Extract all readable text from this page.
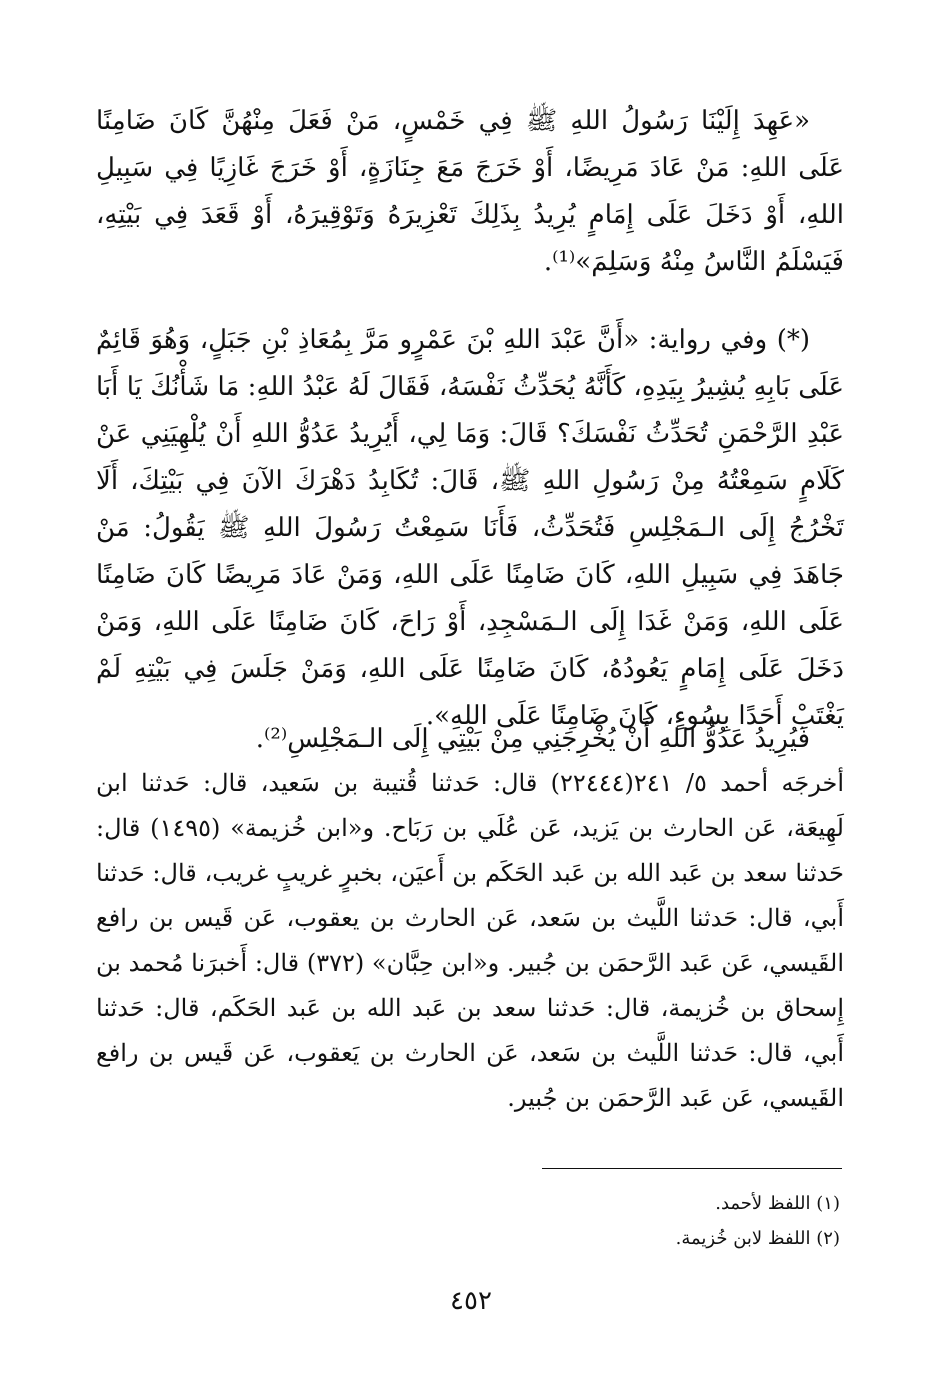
«عَهِدَ إِلَيْنَا رَسُولُ اللهِ ﷺ فِي خَمْسٍ، مَنْ فَعَلَ مِنْهُنَّ كَانَ ضَامِنًا عَلَى اللهِ: مَنْ عَادَ مَرِيضًا، أَوْ خَرَجَ مَعَ جِنَازَةٍ، أَوْ خَرَجَ غَازِيًا فِي سَبِيلِ اللهِ، أَوْ دَخَلَ عَلَى إِمَامٍ يُرِيدُ بِذَلِكَ تَعْزِيرَهُ وَتَوْقِيرَهُ، أَوْ قَعَدَ فِي بَيْتِهِ، فَيَسْلَمُ النَّاسُ مِنْهُ وَسَلِمَ»⁽¹⁾.

(*) وفي رواية: «أَنَّ عَبْدَ اللهِ بْنَ عَمْرٍو مَرَّ بِمُعَاذِ بْنِ جَبَلٍ، وَهُوَ قَائِمٌ عَلَى بَابِهِ يُشِيرُ بِيَدِهِ، كَأَنَّهُ يُحَدِّثُ نَفْسَهُ، فَقَالَ لَهُ عَبْدُ اللهِ: مَا شَأْنُكَ يَا أَبَا عَبْدِ الرَّحْمَنِ تُحَدِّثُ نَفْسَكَ؟ قَالَ: وَمَا لِي، أَيُرِيدُ عَدُوُّ اللهِ أَنْ يُلْهِيَنِي عَنْ كَلَامٍ سَمِعْتُهُ مِنْ رَسُولِ اللهِ ﷺ، قَالَ: تُكَابِدُ دَهْرَكَ الآنَ فِي بَيْتِكَ، أَلَا تَخْرُجُ إِلَى الـمَجْلِسِ فَتُحَدِّثُ، فَأَنَا سَمِعْتُ رَسُولَ اللهِ ﷺ يَقُولُ: مَنْ جَاهَدَ فِي سَبِيلِ اللهِ، كَانَ ضَامِنًا عَلَى اللهِ، وَمَنْ عَادَ مَرِيضًا كَانَ ضَامِنًا عَلَى اللهِ، وَمَنْ غَدَا إِلَى الـمَسْجِدِ، أَوْ رَاحَ، كَانَ ضَامِنًا عَلَى اللهِ، وَمَنْ دَخَلَ عَلَى إِمَامٍ يَعُودُهُ، كَانَ ضَامِنًا عَلَى اللهِ، وَمَنْ جَلَسَ فِي بَيْتِهِ لَمْ يَغْتَبْ أَحَدًا بِسُوءٍ، كَانَ ضَامِنًا عَلَى اللهِ».

فَيُرِيدُ عَدُوُّ اللهِ أَنْ يُخْرِجَنِي مِنْ بَيْتِي إِلَى الـمَجْلِسِ⁽²⁾.

أخرجَه أحمد ٥/ ٢٤١(٢٢٤٤٤) قال: حَدثنا قُتيبة بن سَعيد، قال: حَدثنا ابن لَهِيعَة، عَن الحارث بن يَزيد، عَن عُلَي بن رَبَاح. و«ابن خُزيمة» (١٤٩٥) قال: حَدثنا سعد بن عَبد الله بن عَبد الحَكَم بن أَعيَن، بخبرٍ غريبٍ غريب، قال: حَدثنا أَبي، قال: حَدثنا اللَّيث بن سَعد، عَن الحارث بن يعقوب، عَن قَيس بن رافع القَيسي، عَن عَبد الرَّحمَن بن جُبير. و«ابن حِبَّان» (٣٧٢) قال: أَخبرَنا مُحمد بن إِسحاق بن خُزيمة، قال: حَدثنا سعد بن عَبد الله بن عَبد الحَكَم، قال: حَدثنا أَبي، قال: حَدثنا اللَّيث بن سَعد، عَن الحارث بن يَعقوب، عَن قَيس بن رافع القَيسي، عَن عَبد الرَّحمَن بن جُبير.

(١) اللفظ لأحمد.

(٢) اللفظ لابن خُزيمة.

٤٥٢
